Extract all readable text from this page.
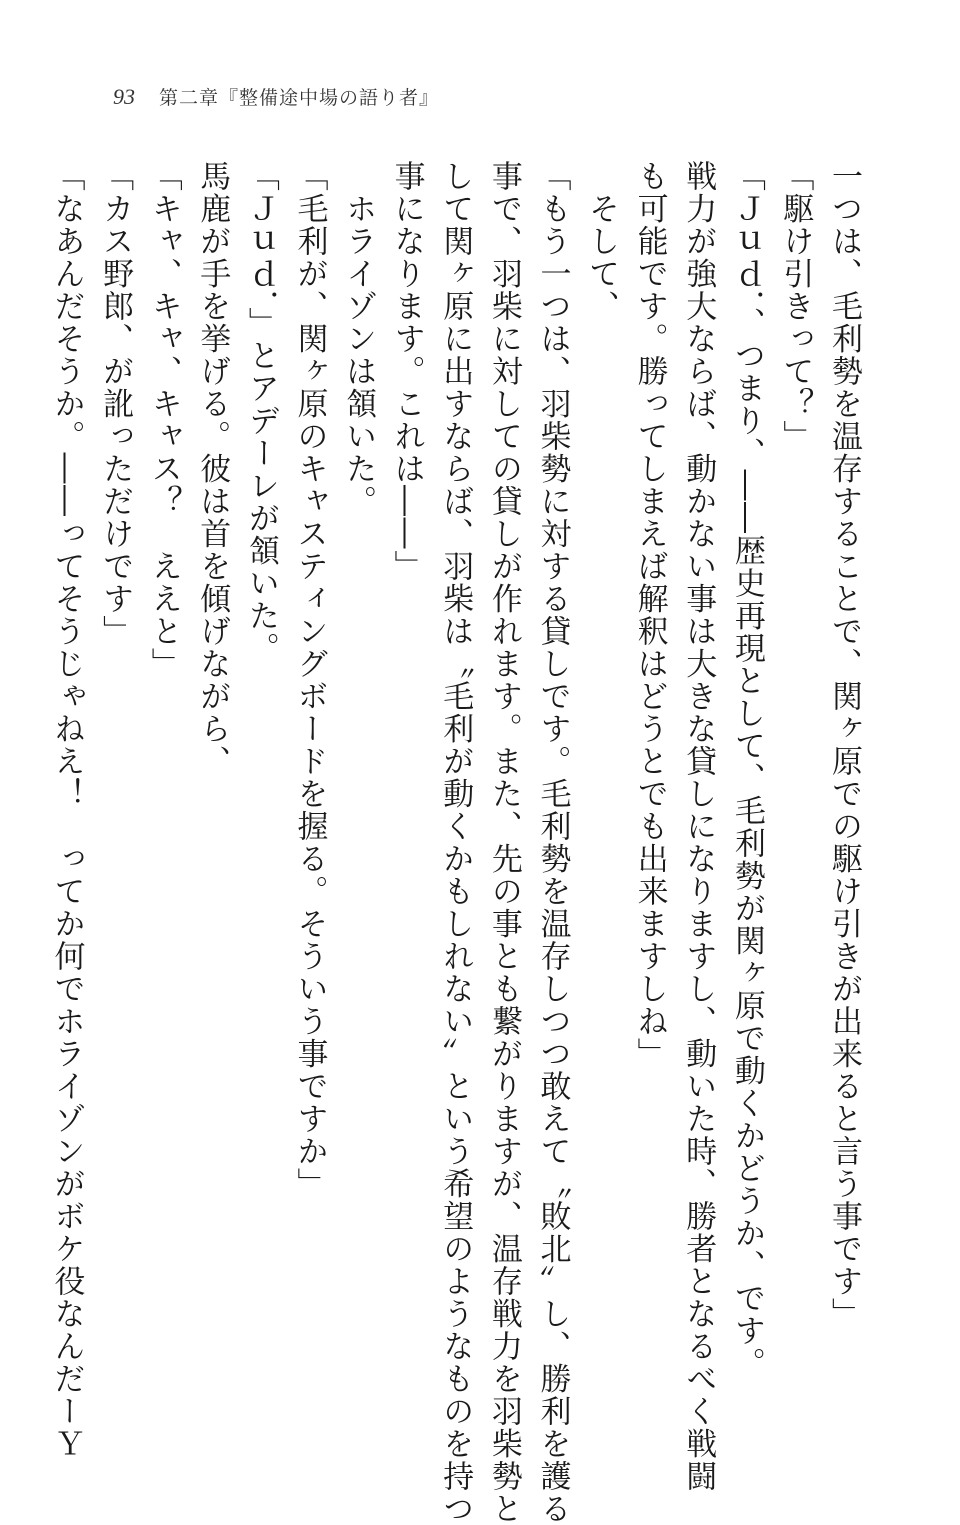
93 第二章『整備途中場の語り者』
一つは、毛利勢を温存することで、関ヶ原での駆け引きが出来ると言う事です」
「駆け引きって？」
「Ｊｕｄ．、つまり、――歴史再現として、毛利勢が関ヶ原で動くかどうか、です。
戦力が強大ならば、動かない事は大きな貸しになりますし、動いた時、勝者となるべく戦闘
も可能です。勝ってしまえば解釈はどうとでも出来ますしね」
　そして、
「もう一つは、羽柴勢に対する貸しです。毛利勢を温存しつつ敢えて〝敗北〟し、勝利を護る
事で、羽柴に対しての貸しが作れます。また、先の事とも繋がりますが、温存戦力を羽柴勢と
して関ヶ原に出すならば、羽柴は〝毛利が動くかもしれない〟という希望のようなものを持つ
事になります。これは――」
　ホライゾンは頷いた。
「毛利が、関ヶ原のキャスティングボードを握る。そういう事ですか」
「Ｊｕｄ．」とアデーレが頷いた。
馬鹿が手を挙げる。彼は首を傾げながら、
「キャ、キャ、キャス？　ええと」
「カス野郎、が訛っただけです」
「なあんだそうか。――ってそうじゃねえ！　ってか何でホライゾンがボケ役なんだーＹ
